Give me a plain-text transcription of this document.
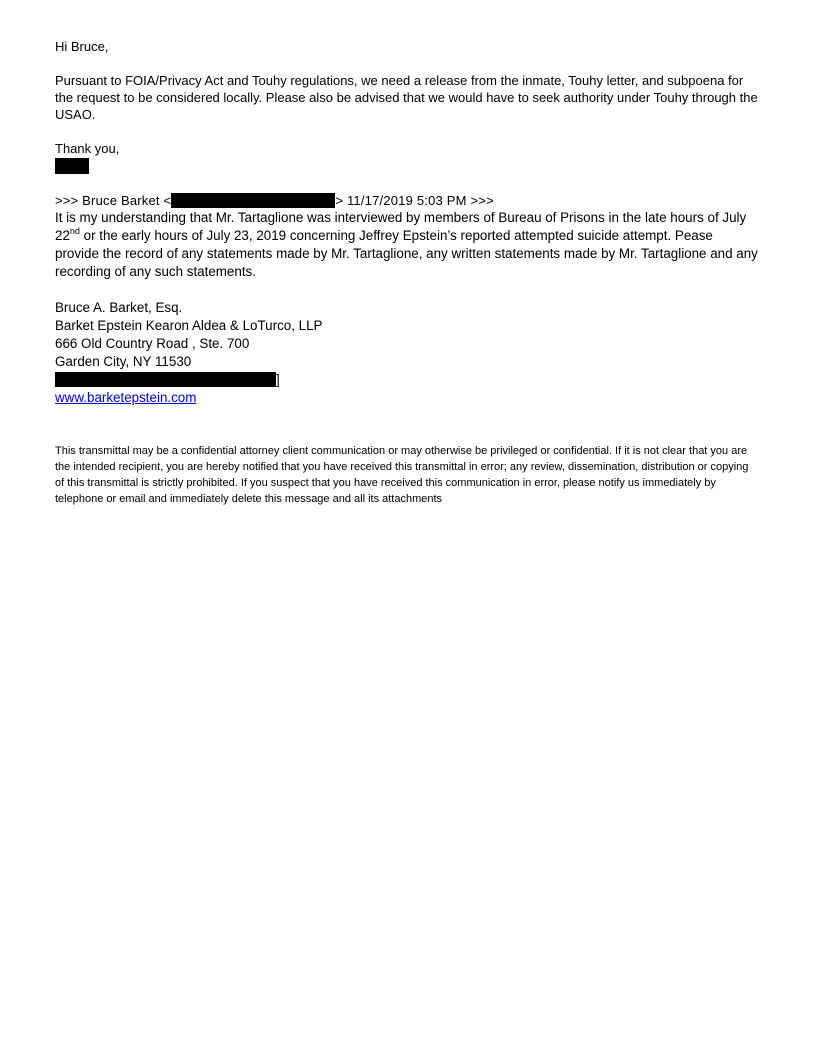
Hi Bruce,

Pursuant to FOIA/Privacy Act and Touhy regulations, we need a release from the inmate, Touhy letter, and subpoena for the request to be considered locally. Please also be advised that we would have to seek authority under Touhy through the USAO.

Thank you,

>>> Bruce Barket <	> 11/17/2019 5:03 PM >>>

It is my understanding that Mr. Tartaglione was interviewed by members of Bureau of Prisons in the late hours of July 22nd or the early hours of July 23, 2019 concerning Jeffrey Epstein’s reported attempted suicide attempt. Pease provide the record of any statements made by Mr. Tartaglione, any written statements made by Mr. Tartaglione and any recording of any such statements.

Bruce A. Barket, Esq.

Barket Epstein Kearon Aldea & LoTurco, LLP

666 Old Country Road , Ste. 700

Garden City, NY 11530

]

www.barketepstein.com

This transmittal may be a confidential attorney client communication or may otherwise be privileged or confidential. If it is not clear that you are the intended recipient, you are hereby notified that you have received this transmittal in error; any review, dissemination, distribution or copying of this transmittal is strictly prohibited. If you suspect that you have received this communication in error, please notify us immediately by telephone or email and immediately delete this message and all its attachments
